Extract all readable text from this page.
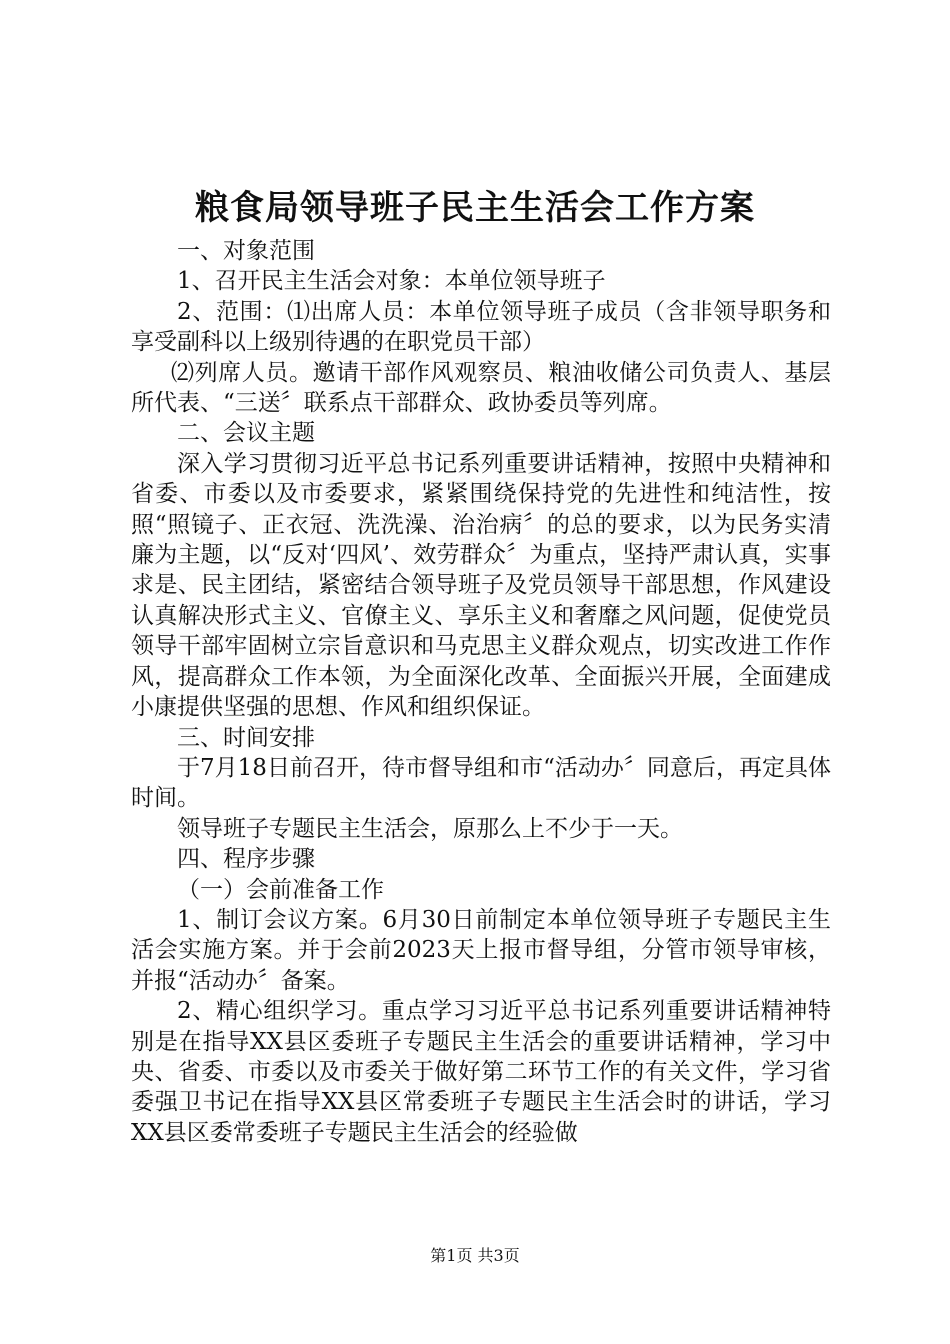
粮食局领导班子民主生活会工作方案

一、对象范围

1、召开民主生活会对象：本单位领导班子

2、范围：⑴出席人员：本单位领导班子成员（含非领导职务和享受副科以上级别待遇的在职党员干部）

⑵列席人员。邀请干部作风观察员、粮油收储公司负责人、基层所代表、“三送〞联系点干部群众、政协委员等列席。

二、会议主题

深入学习贯彻习近平总书记系列重要讲话精神，按照中央精神和省委、市委以及市委要求，紧紧围绕保持党的先进性和纯洁性，按照“照镜子、正衣冠、洗洗澡、治治病〞的总的要求，以为民务实清廉为主题，以“反对‘四风’、效劳群众〞为重点，坚持严肃认真，实事求是、民主团结，紧密结合领导班子及党员领导干部思想，作风建设认真解决形式主义、官僚主义、享乐主义和奢靡之风问题，促使党员领导干部牢固树立宗旨意识和马克思主义群众观点，切实改进工作作风，提高群众工作本领，为全面深化改革、全面振兴开展，全面建成小康提供坚强的思想、作风和组织保证。

三、时间安排

于7月18日前召开，待市督导组和市“活动办〞同意后，再定具体时间。

领导班子专题民主生活会，原那么上不少于一天。

四、程序步骤

（一）会前准备工作

1、制订会议方案。6月30日前制定本单位领导班子专题民主生活会实施方案。并于会前2023天上报市督导组，分管市领导审核，并报“活动办〞备案。

2、精心组织学习。重点学习习近平总书记系列重要讲话精神特别是在指导XX县区委班子专题民主生活会的重要讲话精神，学习中央、省委、市委以及市委关于做好第二环节工作的有关文件，学习省委强卫书记在指导XX县区常委班子专题民主生活会时的讲话，学习XX县区委常委班子专题民主生活会的经验做

第1页 共3页
